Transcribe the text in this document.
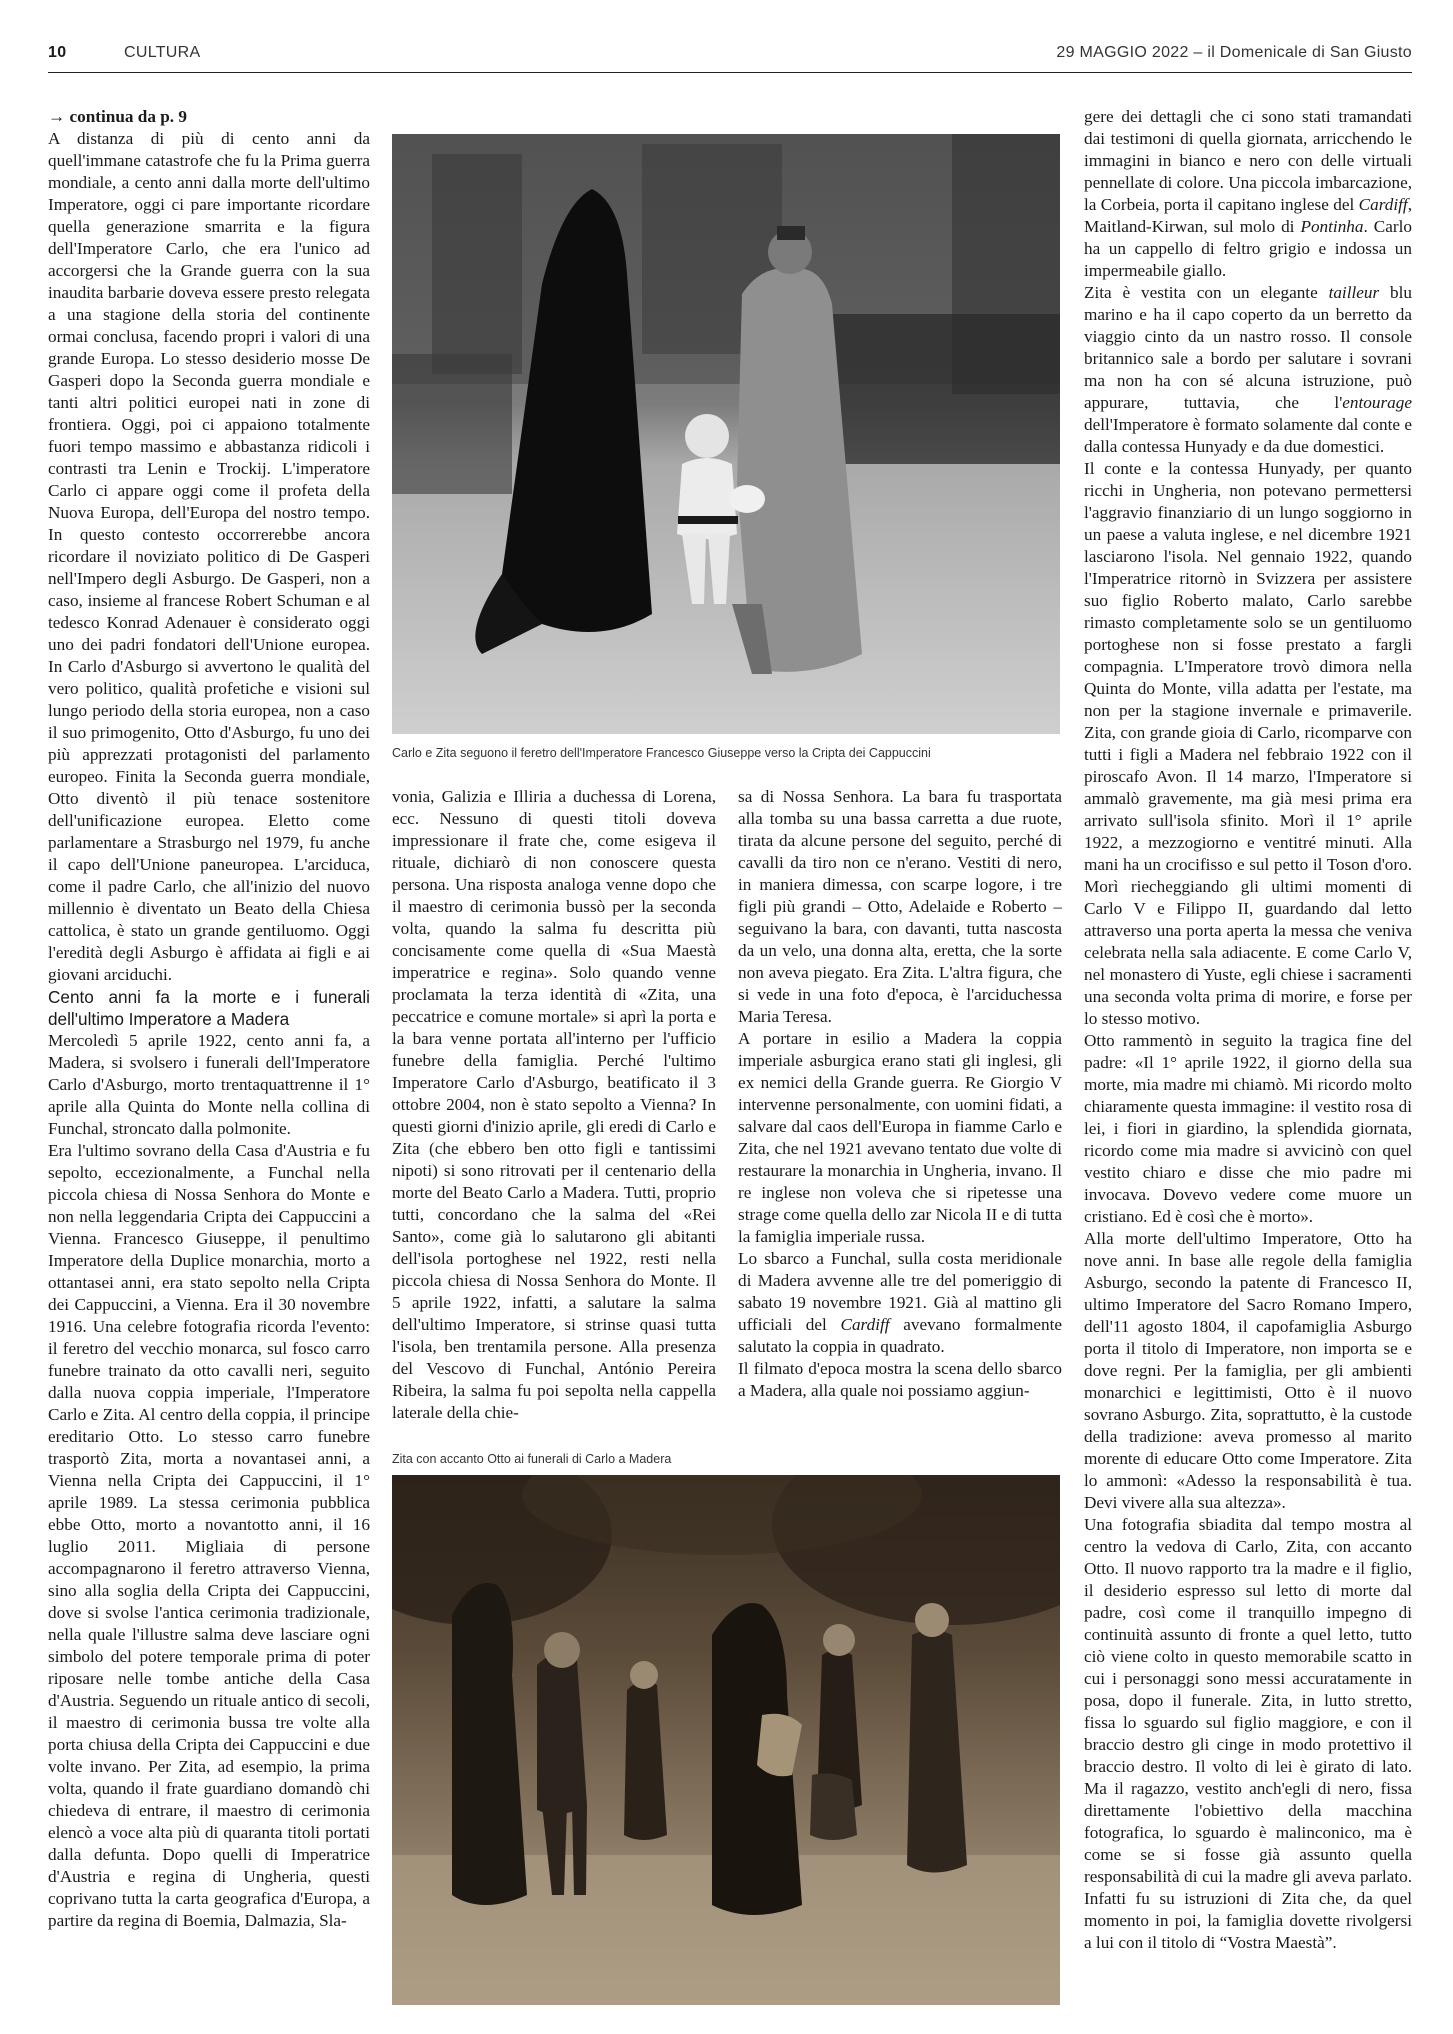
10	CULTURA	29 MAGGIO 2022 – il Domenicale di San Giusto

→ continua da p. 9

A distanza di più di cento anni da quell'immane catastrofe che fu la Prima guerra mondiale, a cento anni dalla morte dell'ultimo Imperatore, oggi ci pare importante ricordare quella generazione smarrita e la figura dell'Imperatore Carlo, che era l'unico ad accorgersi che la Grande guerra con la sua inaudita barbarie doveva essere presto relegata a una stagione della storia del continente ormai conclusa, facendo propri i valori di una grande Europa. Lo stesso desiderio mosse De Gasperi dopo la Seconda guerra mondiale e tanti altri politici europei nati in zone di frontiera. Oggi, poi ci appaiono totalmente fuori tempo massimo e abbastanza ridicoli i contrasti tra Lenin e Trockij. L'imperatore Carlo ci appare oggi come il profeta della Nuova Europa, dell'Europa del nostro tempo. In questo contesto occorrerebbe ancora ricordare il noviziato politico di De Gasperi nell'Impero degli Asburgo. De Gasperi, non a caso, insieme al francese Robert Schuman e al tedesco Konrad Adenauer è considerato oggi uno dei padri fondatori dell'Unione europea. In Carlo d'Asburgo si avvertono le qualità del vero politico, qualità profetiche e visioni sul lungo periodo della storia europea, non a caso il suo primogenito, Otto d'Asburgo, fu uno dei più apprezzati protagonisti del parlamento europeo. Finita la Seconda guerra mondiale, Otto diventò il più tenace sostenitore dell'unificazione europea. Eletto come parlamentare a Strasburgo nel 1979, fu anche il capo dell'Unione paneuropea. L'arciduca, come il padre Carlo, che all'inizio del nuovo millennio è diventato un Beato della Chiesa cattolica, è stato un grande gentiluomo. Oggi l'eredità degli Asburgo è affidata ai figli e ai giovani arciduchi.

Cento anni fa la morte e i funerali dell'ultimo Imperatore a Madera

Mercoledì 5 aprile 1922, cento anni fa, a Madera, si svolsero i funerali dell'Imperatore Carlo d'Asburgo, morto trentaquattrenne il 1° aprile alla Quinta do Monte nella collina di Funchal, stroncato dalla polmonite.

Era l'ultimo sovrano della Casa d'Austria e fu sepolto, eccezionalmente, a Funchal nella piccola chiesa di Nossa Senhora do Monte e non nella leggendaria Cripta dei Cappuccini a Vienna. Francesco Giuseppe, il penultimo Imperatore della Duplice monarchia, morto a ottantasei anni, era stato sepolto nella Cripta dei Cappuccini, a Vienna. Era il 30 novembre 1916. Una celebre fotografia ricorda l'evento: il feretro del vecchio monarca, sul fosco carro funebre trainato da otto cavalli neri, seguito dalla nuova coppia imperiale, l'Imperatore Carlo e Zita. Al centro della coppia, il principe ereditario Otto. Lo stesso carro funebre trasportò Zita, morta a novantasei anni, a Vienna nella Cripta dei Cappuccini, il 1° aprile 1989. La stessa cerimonia pubblica ebbe Otto, morto a novantotto anni, il 16 luglio 2011. Migliaia di persone accompagnarono il feretro attraverso Vienna, sino alla soglia della Cripta dei Cappuccini, dove si svolse l'antica cerimonia tradizionale, nella quale l'illustre salma deve lasciare ogni simbolo del potere temporale prima di poter riposare nelle tombe antiche della Casa d'Austria. Seguendo un rituale antico di secoli, il maestro di cerimonia bussa tre volte alla porta chiusa della Cripta dei Cappuccini e due volte invano. Per Zita, ad esempio, la prima volta, quando il frate guardiano domandò chi chiedeva di entrare, il maestro di cerimonia elencò a voce alta più di quaranta titoli portati dalla defunta. Dopo quelli di Imperatrice d'Austria e regina di Ungheria, questi coprivano tutta la carta geografica d'Europa, a partire da regina di Boemia, Dalmazia, Sla-

Carlo e Zita seguono il feretro dell'Imperatore Francesco Giuseppe verso la Cripta dei Cappuccini

vonia, Galizia e Illiria a duchessa di Lorena, ecc. Nessuno di questi titoli doveva impressionare il frate che, come esigeva il rituale, dichiarò di non conoscere questa persona. Una risposta analoga venne dopo che il maestro di cerimonia bussò per la seconda volta, quando la salma fu descritta più concisamente come quella di «Sua Maestà imperatrice e regina». Solo quando venne proclamata la terza identità di «Zita, una peccatrice e comune mortale» si aprì la porta e la bara venne portata all'interno per l'ufficio funebre della famiglia. Perché l'ultimo Imperatore Carlo d'Asburgo, beatificato il 3 ottobre 2004, non è stato sepolto a Vienna? In questi giorni d'inizio aprile, gli eredi di Carlo e Zita (che ebbero ben otto figli e tantissimi nipoti) si sono ritrovati per il centenario della morte del Beato Carlo a Madera. Tutti, proprio tutti, concordano che la salma del «Rei Santo», come già lo salutarono gli abitanti dell'isola portoghese nel 1922, resti nella piccola chiesa di Nossa Senhora do Monte. Il 5 aprile 1922, infatti, a salutare la salma dell'ultimo Imperatore, si strinse quasi tutta l'isola, ben trentamila persone. Alla presenza del Vescovo di Funchal, António Pereira Ribeira, la salma fu poi sepolta nella cappella laterale della chie-

sa di Nossa Senhora. La bara fu trasportata alla tomba su una bassa carretta a due ruote, tirata da alcune persone del seguito, perché di cavalli da tiro non ce n'erano. Vestiti di nero, in maniera dimessa, con scarpe logore, i tre figli più grandi – Otto, Adelaide e Roberto – seguivano la bara, con davanti, tutta nascosta da un velo, una donna alta, eretta, che la sorte non aveva piegato. Era Zita. L'altra figura, che si vede in una foto d'epoca, è l'arciduchessa Maria Teresa.

A portare in esilio a Madera la coppia imperiale asburgica erano stati gli inglesi, gli ex nemici della Grande guerra. Re Giorgio V intervenne personalmente, con uomini fidati, a salvare dal caos dell'Europa in fiamme Carlo e Zita, che nel 1921 avevano tentato due volte di restaurare la monarchia in Ungheria, invano. Il re inglese non voleva che si ripetesse una strage come quella dello zar Nicola II e di tutta la famiglia imperiale russa.

Lo sbarco a Funchal, sulla costa meridionale di Madera avvenne alle tre del pomeriggio di sabato 19 novembre 1921. Già al mattino gli ufficiali del Cardiff avevano formalmente salutato la coppia in quadrato.

Il filmato d'epoca mostra la scena dello sbarco a Madera, alla quale noi possiamo aggiun-

Zita con accanto Otto ai funerali di Carlo a Madera

gere dei dettagli che ci sono stati tramandati dai testimoni di quella giornata, arricchendo le immagini in bianco e nero con delle virtuali pennellate di colore. Una piccola imbarcazione, la Corbeia, porta il capitano inglese del Cardiff, Maitland-Kirwan, sul molo di Pontinha. Carlo ha un cappello di feltro grigio e indossa un impermeabile giallo.

Zita è vestita con un elegante tailleur blu marino e ha il capo coperto da un berretto da viaggio cinto da un nastro rosso. Il console britannico sale a bordo per salutare i sovrani ma non ha con sé alcuna istruzione, può appurare, tuttavia, che l'entourage dell'Imperatore è formato solamente dal conte e dalla contessa Hunyady e da due domestici.

Il conte e la contessa Hunyady, per quanto ricchi in Ungheria, non potevano permettersi l'aggravio finanziario di un lungo soggiorno in un paese a valuta inglese, e nel dicembre 1921 lasciarono l'isola. Nel gennaio 1922, quando l'Imperatrice ritornò in Svizzera per assistere suo figlio Roberto malato, Carlo sarebbe rimasto completamente solo se un gentiluomo portoghese non si fosse prestato a fargli compagnia. L'Imperatore trovò dimora nella Quinta do Monte, villa adatta per l'estate, ma non per la stagione invernale e primaverile. Zita, con grande gioia di Carlo, ricomparve con tutti i figli a Madera nel febbraio 1922 con il piroscafo Avon. Il 14 marzo, l'Imperatore si ammalò gravemente, ma già mesi prima era arrivato sull'isola sfinito. Morì il 1° aprile 1922, a mezzogiorno e ventitré minuti. Alla mani ha un crocifisso e sul petto il Toson d'oro. Morì riecheggiando gli ultimi momenti di Carlo V e Filippo II, guardando dal letto attraverso una porta aperta la messa che veniva celebrata nella sala adiacente. E come Carlo V, nel monastero di Yuste, egli chiese i sacramenti una seconda volta prima di morire, e forse per lo stesso motivo.

Otto rammentò in seguito la tragica fine del padre: «Il 1° aprile 1922, il giorno della sua morte, mia madre mi chiamò. Mi ricordo molto chiaramente questa immagine: il vestito rosa di lei, i fiori in giardino, la splendida giornata, ricordo come mia madre si avvicinò con quel vestito chiaro e disse che mio padre mi invocava. Dovevo vedere come muore un cristiano. Ed è così che è morto».

Alla morte dell'ultimo Imperatore, Otto ha nove anni. In base alle regole della famiglia Asburgo, secondo la patente di Francesco II, ultimo Imperatore del Sacro Romano Impero, dell'11 agosto 1804, il capofamiglia Asburgo porta il titolo di Imperatore, non importa se e dove regni. Per la famiglia, per gli ambienti monarchici e legittimisti, Otto è il nuovo sovrano Asburgo. Zita, soprattutto, è la custode della tradizione: aveva promesso al marito morente di educare Otto come Imperatore. Zita lo ammonì: «Adesso la responsabilità è tua. Devi vivere alla sua altezza».

Una fotografia sbiadita dal tempo mostra al centro la vedova di Carlo, Zita, con accanto Otto. Il nuovo rapporto tra la madre e il figlio, il desiderio espresso sul letto di morte dal padre, così come il tranquillo impegno di continuità assunto di fronte a quel letto, tutto ciò viene colto in questo memorabile scatto in cui i personaggi sono messi accuratamente in posa, dopo il funerale. Zita, in lutto stretto, fissa lo sguardo sul figlio maggiore, e con il braccio destro gli cinge in modo protettivo il braccio destro. Il volto di lei è girato di lato. Ma il ragazzo, vestito anch'egli di nero, fissa direttamente l'obiettivo della macchina fotografica, lo sguardo è malinconico, ma è come se si fosse già assunto quella responsabilità di cui la madre gli aveva parlato. Infatti fu su istruzioni di Zita che, da quel momento in poi, la famiglia dovette rivolgersi a lui con il titolo di “Vostra Maestà”.
